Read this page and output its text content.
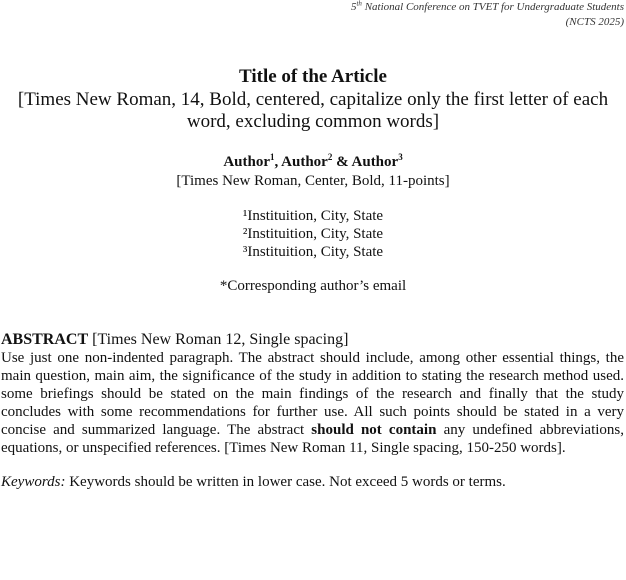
5th National Conference on TVET for Undergraduate Students
(NCTS 2025)
Title of the Article
[Times New Roman, 14, Bold, centered, capitalize only the first letter of each word, excluding common words]
Author$^1$, Author$^2$ & Author$^3$
[Times New Roman, Center, Bold, 11-points]
¹Instituition, City, State
²Instituition, City, State
³Instituition, City, State
*Corresponding author’s email
ABSTRACT [Times New Roman 12, Single spacing]
Use just one non-indented paragraph. The abstract should include, among other essential things, the main question, main aim, the significance of the study in addition to stating the research method used. some briefings should be stated on the main findings of the research and finally that the study concludes with some recommendations for further use. All such points should be stated in a very concise and summarized language. The abstract should not contain any undefined abbreviations, equations, or unspecified references. [Times New Roman 11, Single spacing, 150-250 words].
Keywords: Keywords should be written in lower case. Not exceed 5 words or terms.
